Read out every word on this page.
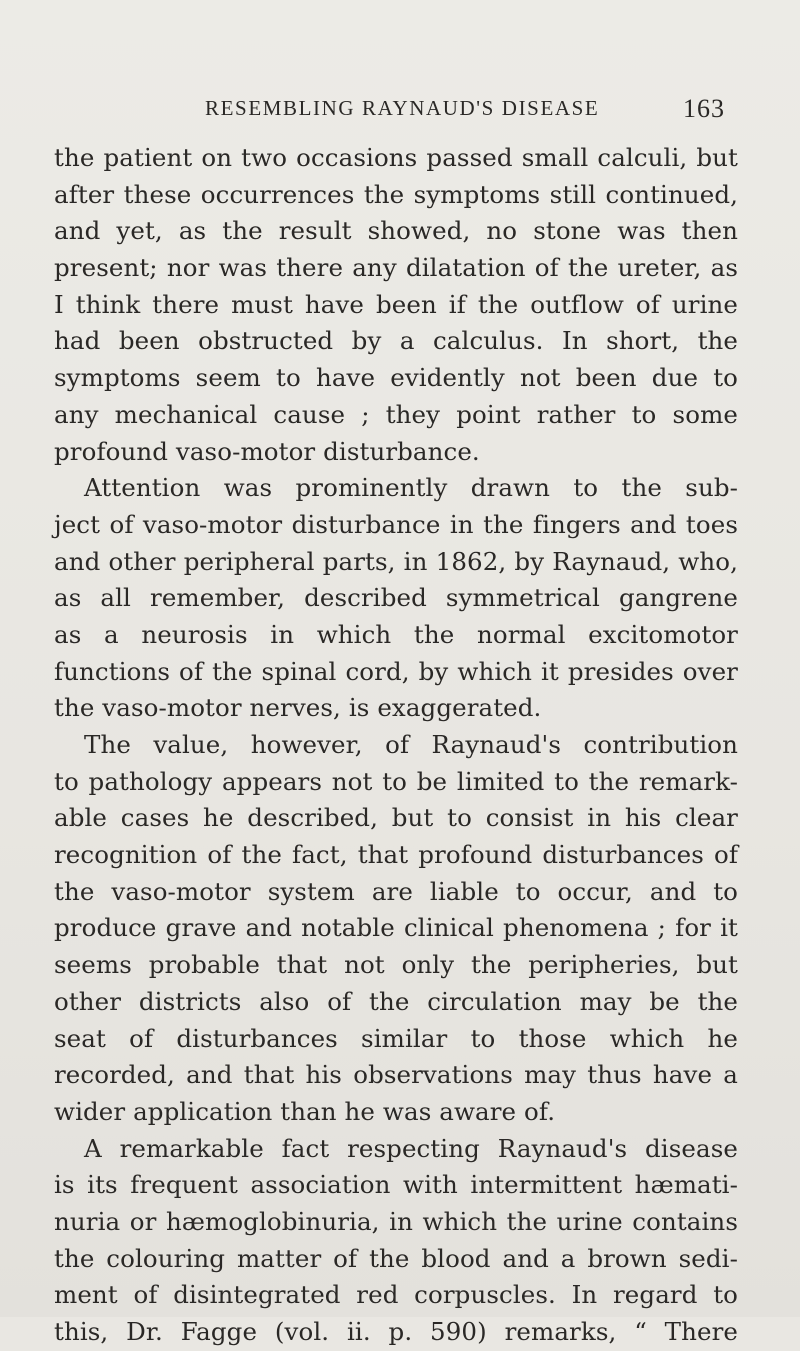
RESEMBLING RAYNAUD'S DISEASE	163
the patient on two occasions passed small calculi, but
after these occurrences the symptoms still continued,
and yet, as the result showed, no stone was then
present; nor was there any dilatation of the ureter, as
I think there must have been if the outflow of urine
had been obstructed by a calculus. In short, the
symptoms seem to have evidently not been due to
any mechanical cause ; they point rather to some
profound vaso-motor disturbance.
Attention was prominently drawn to the sub-
ject of vaso-motor disturbance in the fingers and toes
and other peripheral parts, in 1862, by Raynaud, who,
as all remember, described symmetrical gangrene
as a neurosis in which the normal excitomotor
functions of the spinal cord, by which it presides over
the vaso-motor nerves, is exaggerated.
The value, however, of Raynaud's contribution
to pathology appears not to be limited to the remark-
able cases he described, but to consist in his clear
recognition of the fact, that profound disturbances of
the vaso-motor system are liable to occur, and to
produce grave and notable clinical phenomena ; for it
seems probable that not only the peripheries, but
other districts also of the circulation may be the
seat of disturbances similar to those which he
recorded, and that his observations may thus have a
wider application than he was aware of.
A remarkable fact respecting Raynaud's disease
is its frequent association with intermittent hæmati-
nuria or hæmoglobinuria, in which the urine contains
the colouring matter of the blood and a brown sedi-
ment of disintegrated red corpuscles. In regard to
this, Dr. Fagge (vol. ii. p. 590) remarks, “ There
